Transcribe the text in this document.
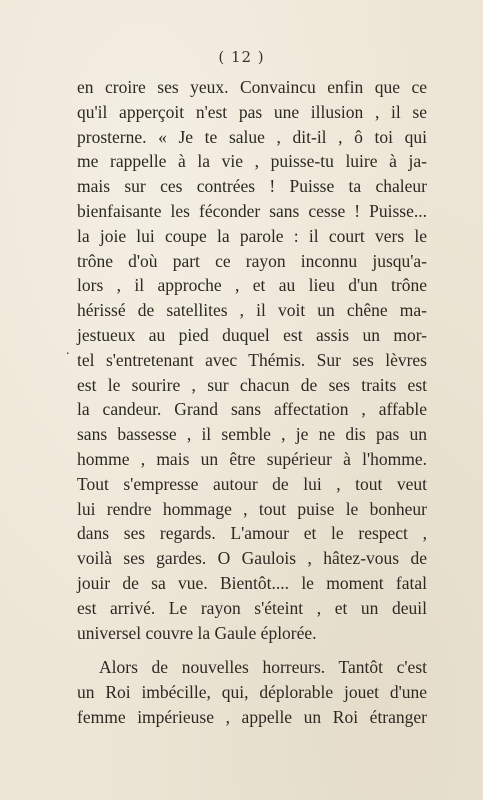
( 12 )
.
en croire ses yeux. Convaincu enfin que ce
qu'il apperçoit n'est pas une illusion , il se
prosterne. « Je te salue , dit-il , ô toi qui
me rappelle à la vie , puisse-tu luire à ja-
mais sur ces contrées ! Puisse ta chaleur
bienfaisante les féconder sans cesse ! Puisse...
la joie lui coupe la parole : il court vers le
trône d'où part ce rayon inconnu jusqu'a-
lors , il approche , et au lieu d'un trône
hérissé de satellites , il voit un chêne ma-
jestueux au pied duquel est assis un mor-
tel s'entretenant avec Thémis. Sur ses lèvres
est le sourire , sur chacun de ses traits est
la candeur. Grand sans affectation , affable
sans bassesse , il semble , je ne dis pas un
homme , mais un être supérieur à l'homme.
Tout s'empresse autour de lui , tout veut
lui rendre hommage , tout puise le bonheur
dans ses regards. L'amour et le respect ,
voilà ses gardes. O Gaulois , hâtez-vous de
jouir de sa vue. Bientôt.... le moment fatal
est arrivé. Le rayon s'éteint , et un deuil
universel couvre la Gaule éplorée.
Alors de nouvelles horreurs. Tantôt c'est
un Roi imbécille, qui, déplorable jouet d'une
femme impérieuse , appelle un Roi étranger
